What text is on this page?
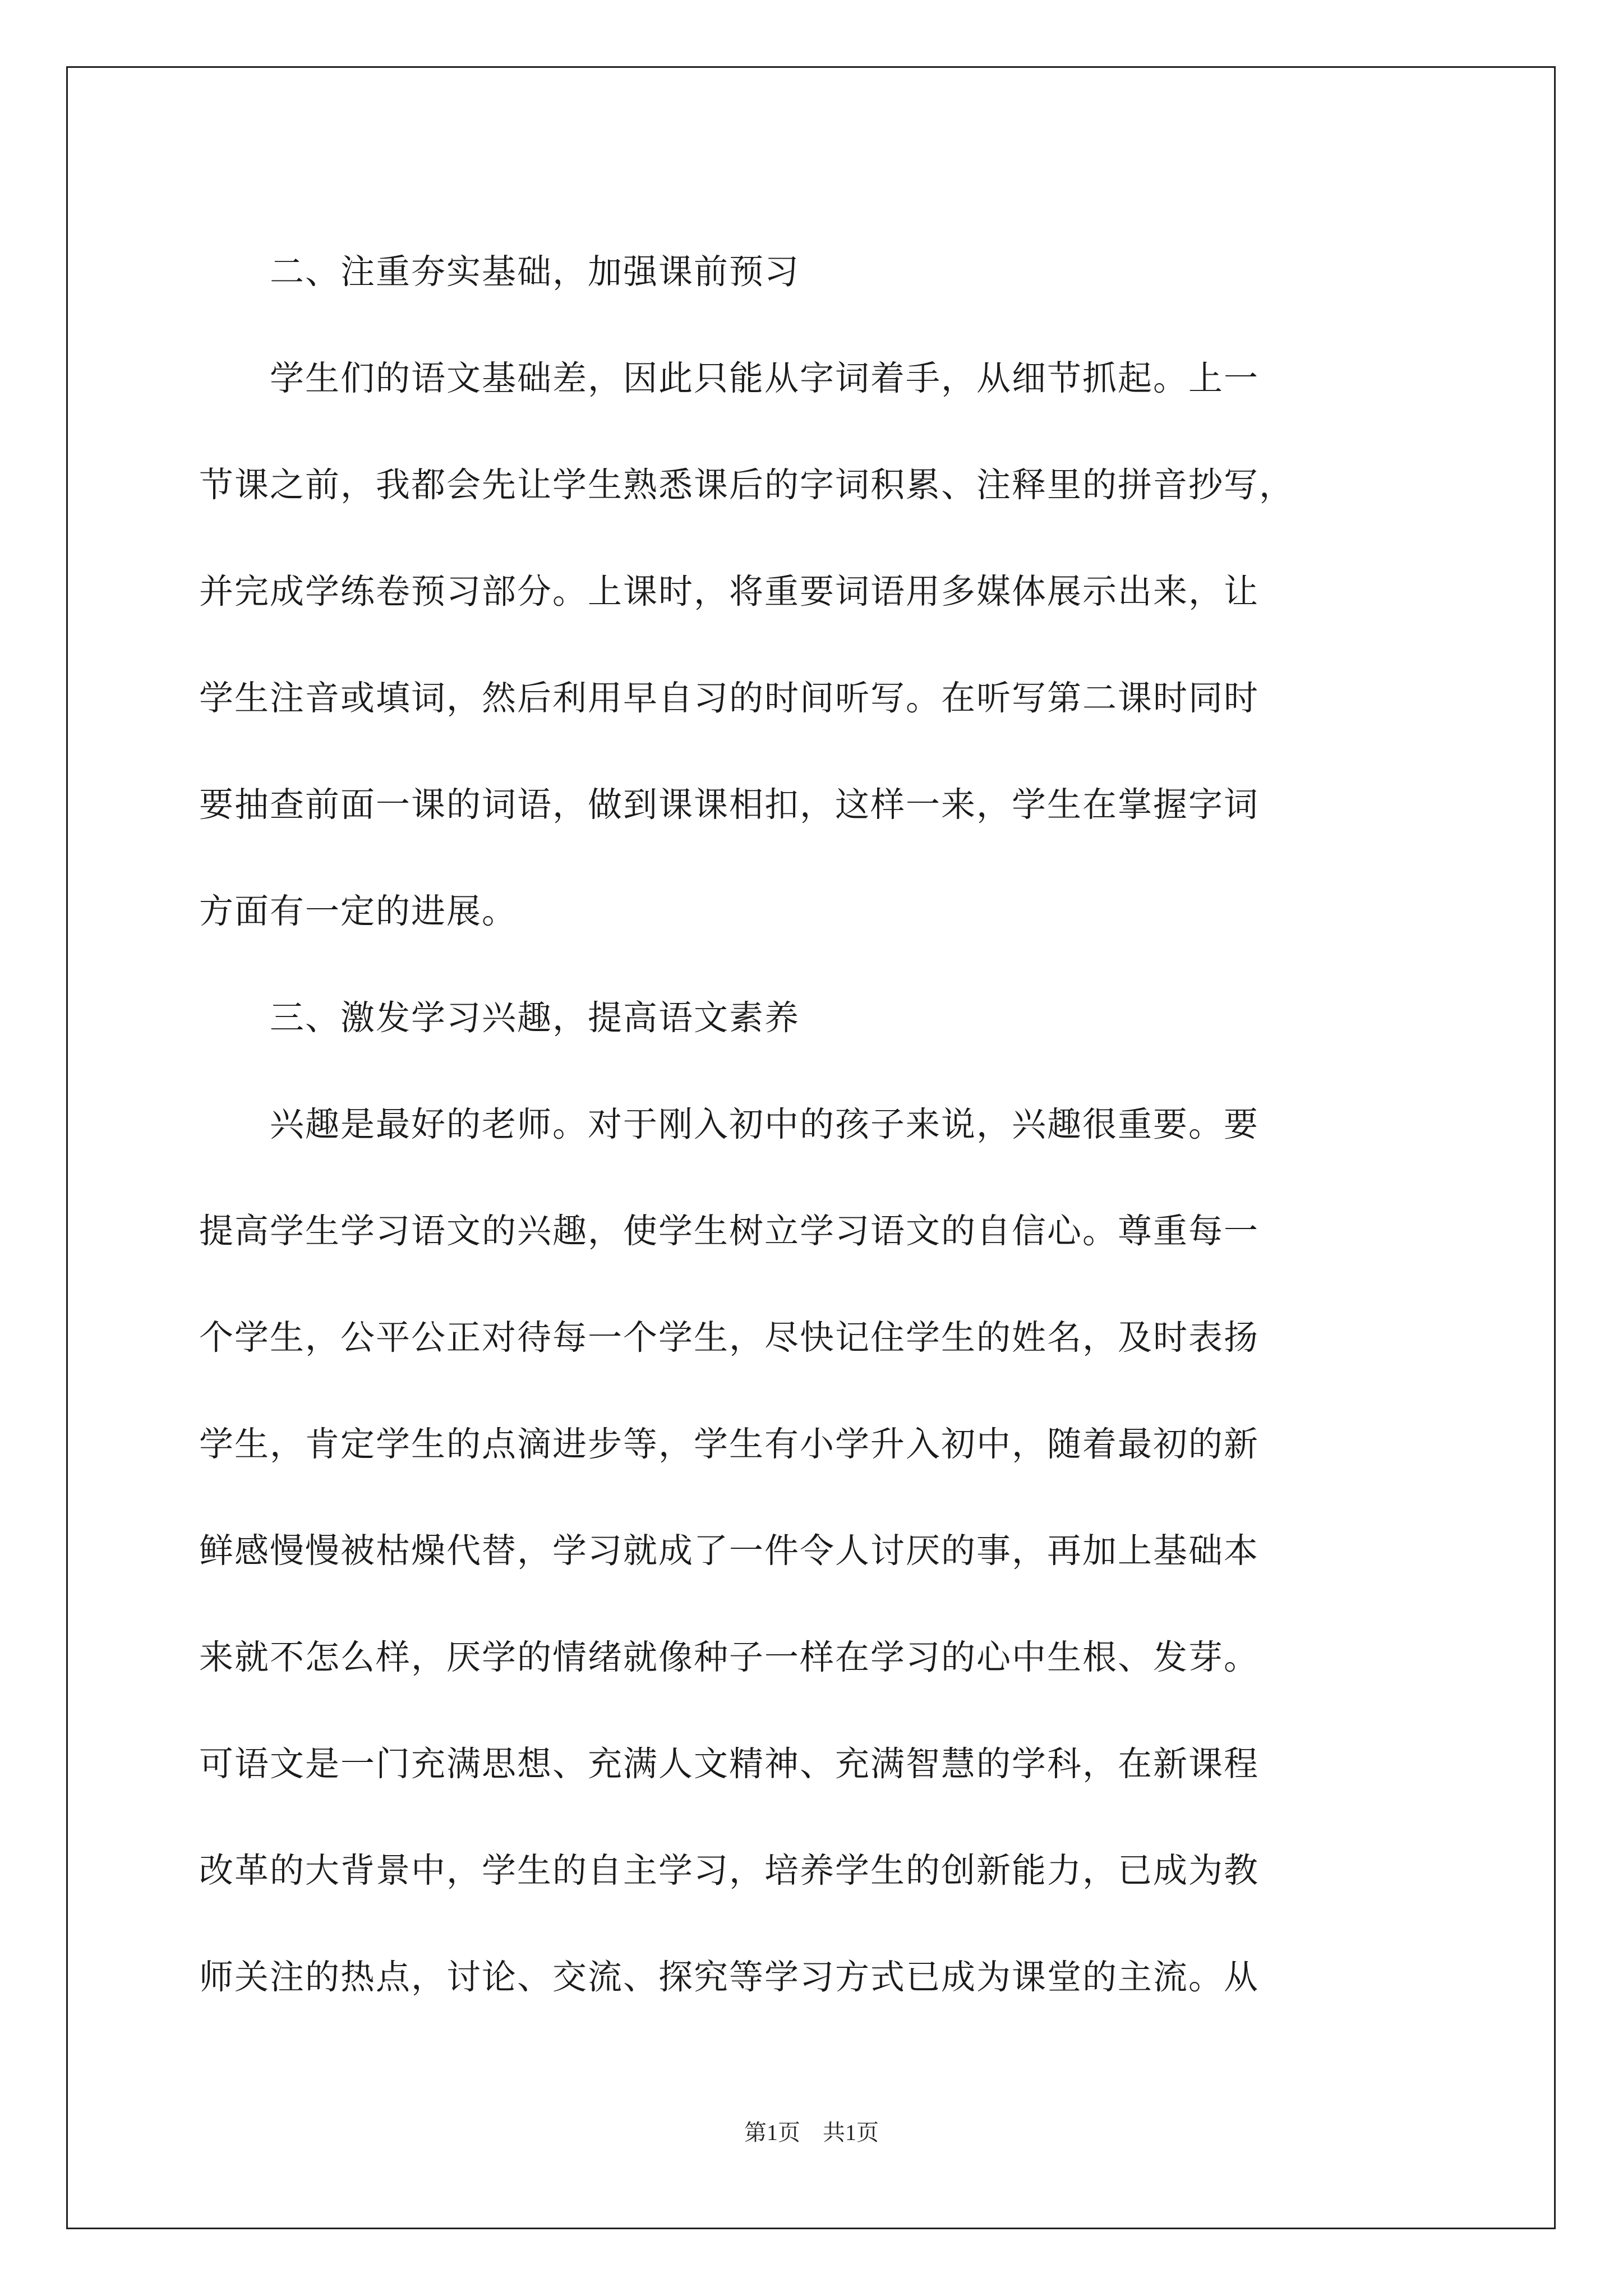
　　二、注重夯实基础，加强课前预习
　　学生们的语文基础差，因此只能从字词着手，从细节抓起。上一
节课之前，我都会先让学生熟悉课后的字词积累、注释里的拼音抄写，
并完成学练卷预习部分。上课时，将重要词语用多媒体展示出来，让
学生注音或填词，然后利用早自习的时间听写。在听写第二课时同时
要抽查前面一课的词语，做到课课相扣，这样一来，学生在掌握字词
方面有一定的进展。
　　三、激发学习兴趣，提高语文素养
　　兴趣是最好的老师。对于刚入初中的孩子来说，兴趣很重要。要
提高学生学习语文的兴趣，使学生树立学习语文的自信心。尊重每一
个学生，公平公正对待每一个学生，尽快记住学生的姓名，及时表扬
学生，肯定学生的点滴进步等，学生有小学升入初中，随着最初的新
鲜感慢慢被枯燥代替，学习就成了一件令人讨厌的事，再加上基础本
来就不怎么样，厌学的情绪就像种子一样在学习的心中生根、发芽。
可语文是一门充满思想、充满人文精神、充满智慧的学科，在新课程
改革的大背景中，学生的自主学习，培养学生的创新能力，已成为教
师关注的热点，讨论、交流、探究等学习方式已成为课堂的主流。从
第1页　共1页
